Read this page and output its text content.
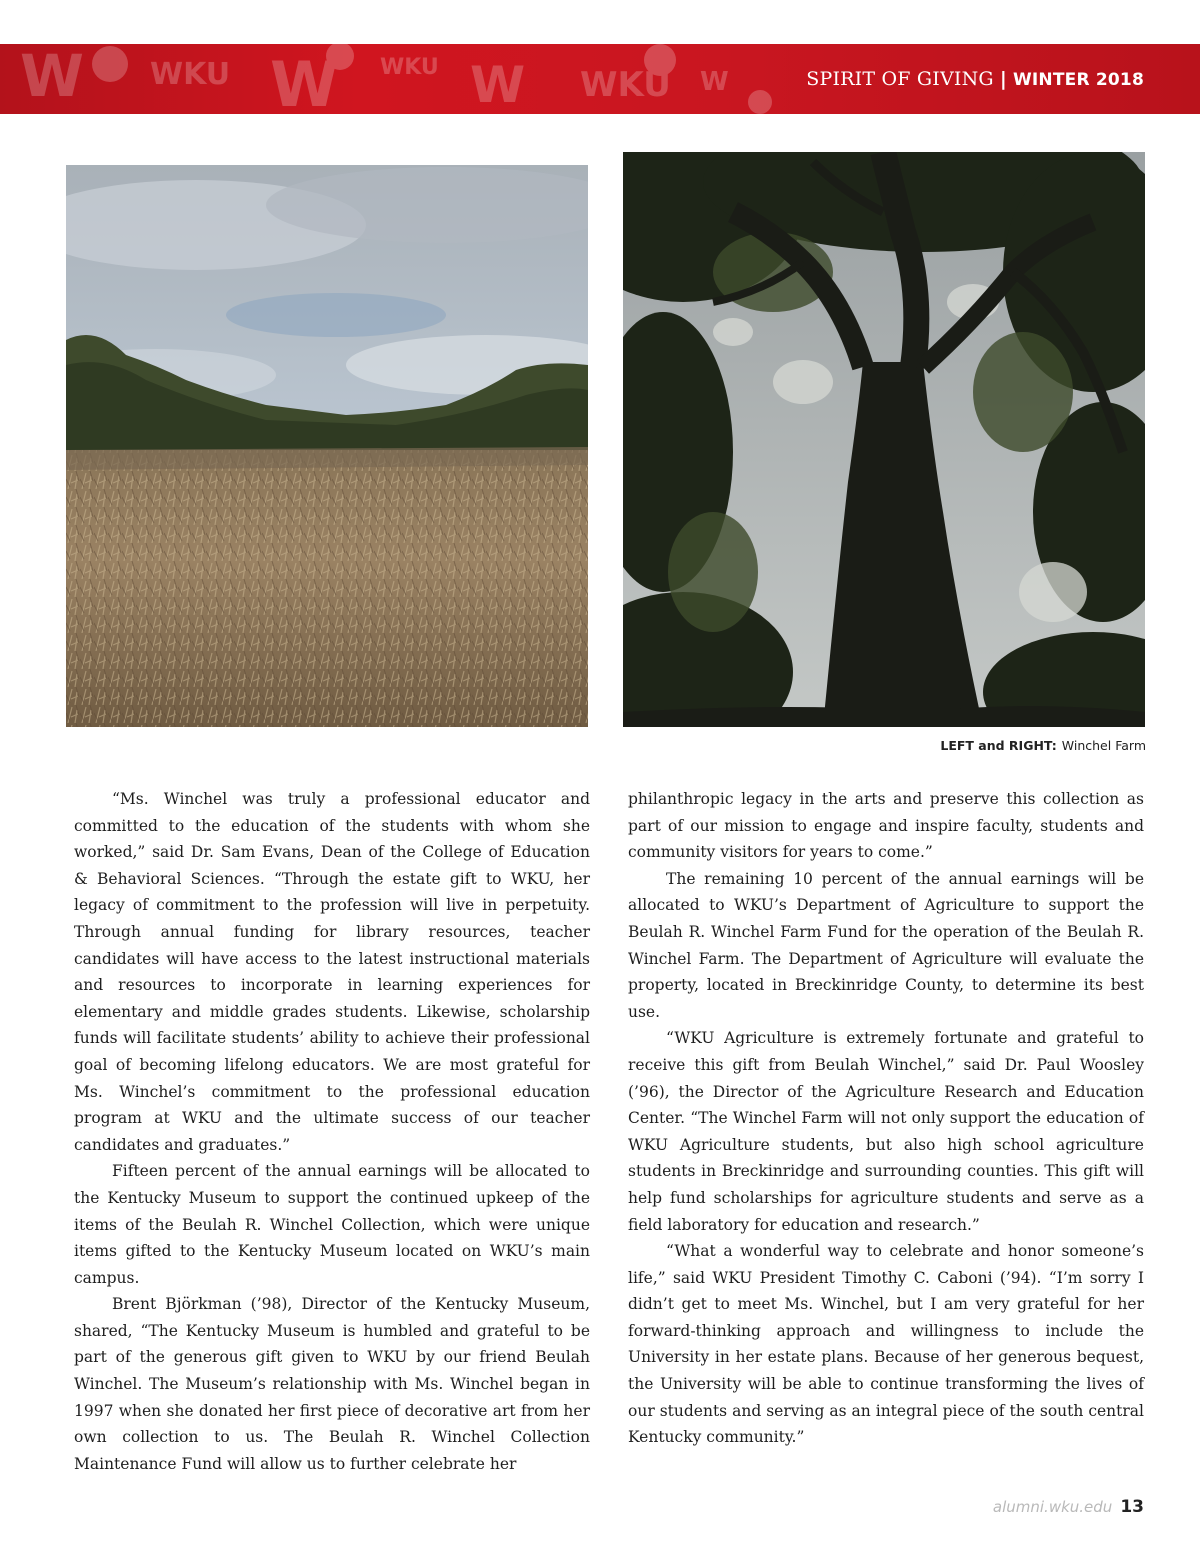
W WKU W WKU W WKU W	SPIRIT OF GIVING | WINTER 2018
LEFT and RIGHT: Winchel Farm

“Ms. Winchel was truly a professional educator and committed to the education of the students with whom she worked,” said Dr. Sam Evans, Dean of the College of Education & Behavioral Sciences. “Through the estate gift to WKU, her legacy of commitment to the profession will live in perpetuity. Through annual funding for library resources, teacher candidates will have access to the latest instructional materials and resources to incorporate in learning experiences for elementary and middle grades students. Likewise, scholarship funds will facilitate students’ ability to achieve their professional goal of becoming lifelong educators. We are most grateful for Ms. Winchel’s commitment to the professional education program at WKU and the ultimate success of our teacher candidates and graduates.”

Fifteen percent of the annual earnings will be allocated to the Kentucky Museum to support the continued upkeep of the items of the Beulah R. Winchel Collection, which were unique items gifted to the Kentucky Museum located on WKU’s main campus.

Brent Björkman (’98), Director of the Kentucky Museum, shared, “The Kentucky Museum is humbled and grateful to be part of the generous gift given to WKU by our friend Beulah Winchel. The Museum’s relationship with Ms. Winchel began in 1997 when she donated her first piece of decorative art from her own collection to us. The Beulah R. Winchel Collection Maintenance Fund will allow us to further celebrate her

philanthropic legacy in the arts and preserve this collection as part of our mission to engage and inspire faculty, students and community visitors for years to come.”

The remaining 10 percent of the annual earnings will be allocated to WKU’s Department of Agriculture to support the Beulah R. Winchel Farm Fund for the operation of the Beulah R. Winchel Farm. The Department of Agriculture will evaluate the property, located in Breckinridge County, to determine its best use.

“WKU Agriculture is extremely fortunate and grateful to receive this gift from Beulah Winchel,” said Dr. Paul Woosley (’96), the Director of the Agriculture Research and Education Center. “The Winchel Farm will not only support the education of WKU Agriculture students, but also high school agriculture students in Breckinridge and surrounding counties. This gift will help fund scholarships for agriculture students and serve as a field laboratory for education and research.”

“What a wonderful way to celebrate and honor someone’s life,” said WKU President Timothy C. Caboni (’94). “I’m sorry I didn’t get to meet Ms. Winchel, but I am very grateful for her forward-thinking approach and willingness to include the University in her estate plans. Because of her generous bequest, the University will be able to continue transforming the lives of our students and serving as an integral piece of the south central Kentucky community.”

alumni.wku.edu 13
